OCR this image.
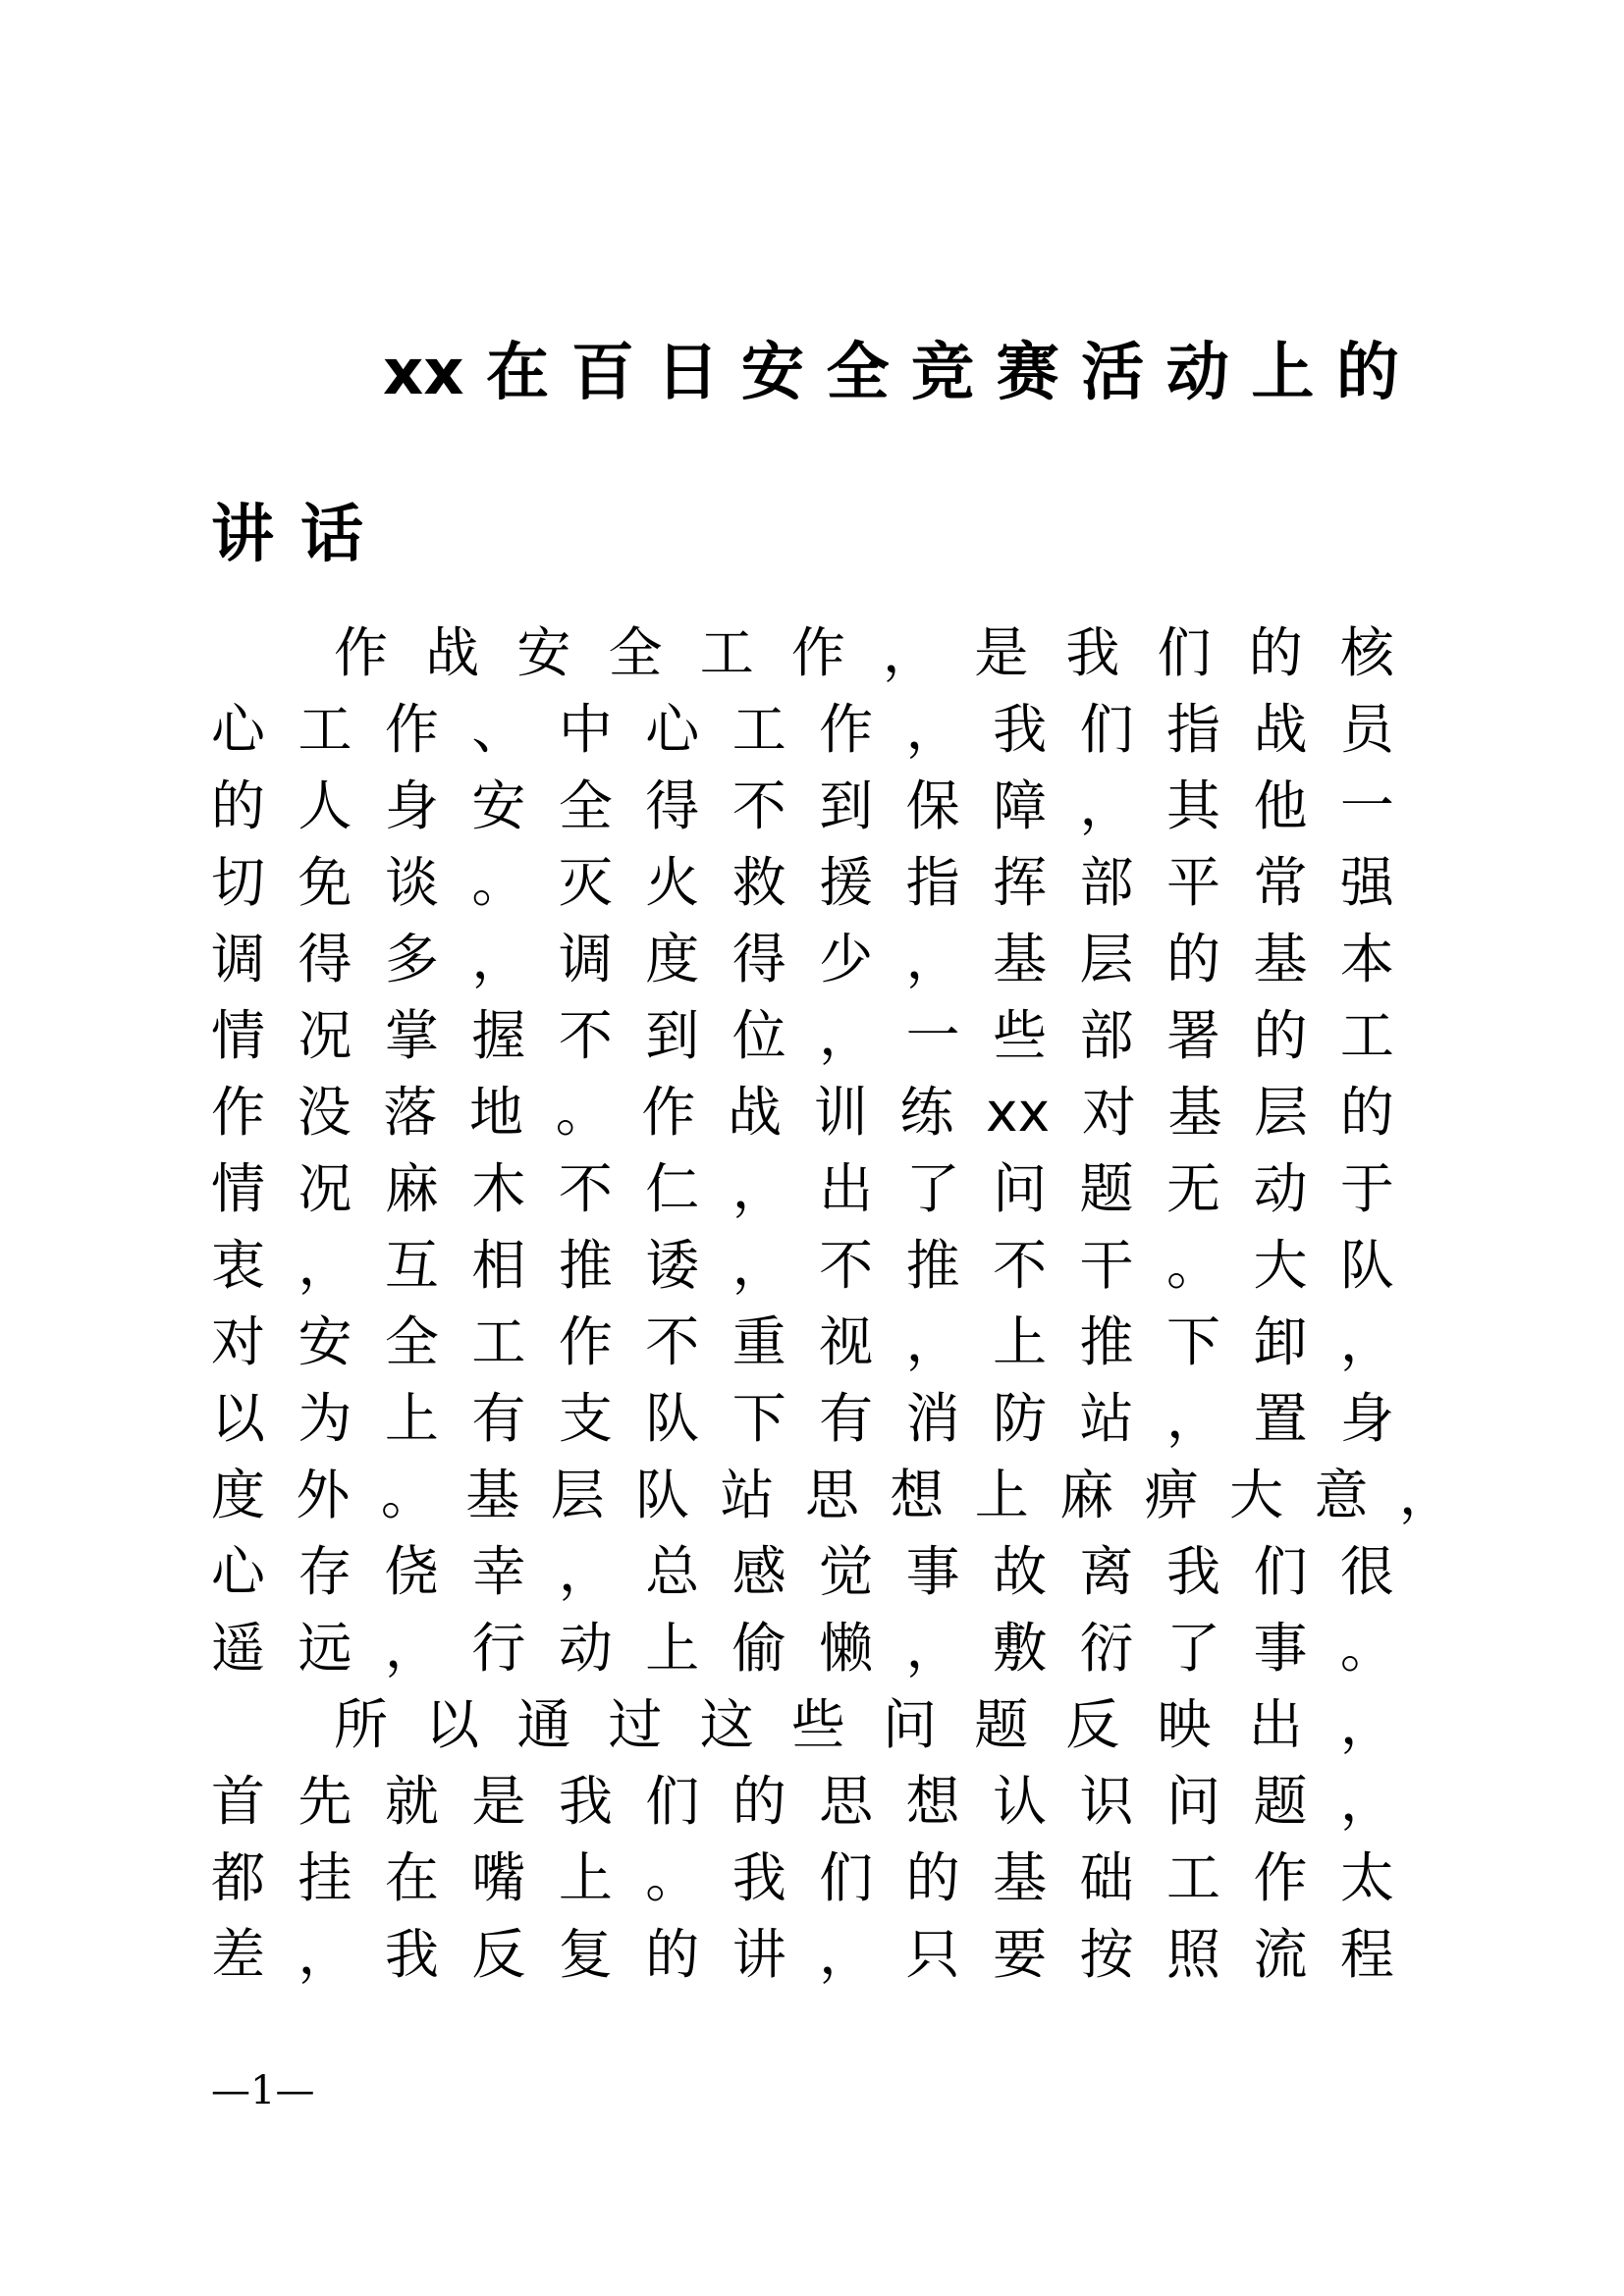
xx 在 百 日 安 全 竞 赛 活 动 上 的
讲 话
作 战 安 全 工 作 ， 是 我 们 的 核
心 工 作 、 中 心 工 作 ， 我 们 指 战 员
的 人 身 安 全 得 不 到 保 障 ， 其 他 一
切 免 谈 。 灭 火 救 援 指 挥 部 平 常 强
调 得 多 ， 调 度 得 少 ， 基 层 的 基 本
情 况 掌 握 不 到 位 ， 一 些 部 署 的 工
作 没 落 地 。 作 战 训 练 xx 对 基 层 的
情 况 麻 木 不 仁 ， 出 了 问 题 无 动 于
衷 ， 互 相 推 诿 ， 不 推 不 干 。 大 队
对 安 全 工 作 不 重 视 ， 上 推 下 卸 ，
以 为 上 有 支 队 下 有 消 防 站 ， 置 身
度 外 。 基 层 队 站 思 想 上 麻 痹 大 意 ，
心 存 侥 幸 ， 总 感 觉 事 故 离 我 们 很
遥 远 ， 行 动 上 偷 懒 ， 敷 衍 了 事 。
所 以 通 过 这 些 问 题 反 映 出 ，
首 先 就 是 我 们 的 思 想 认 识 问 题 ，
都 挂 在 嘴 上 。 我 们 的 基 础 工 作 太
差 ， 我 反 复 的 讲 ， 只 要 按 照 流 程
—1—
